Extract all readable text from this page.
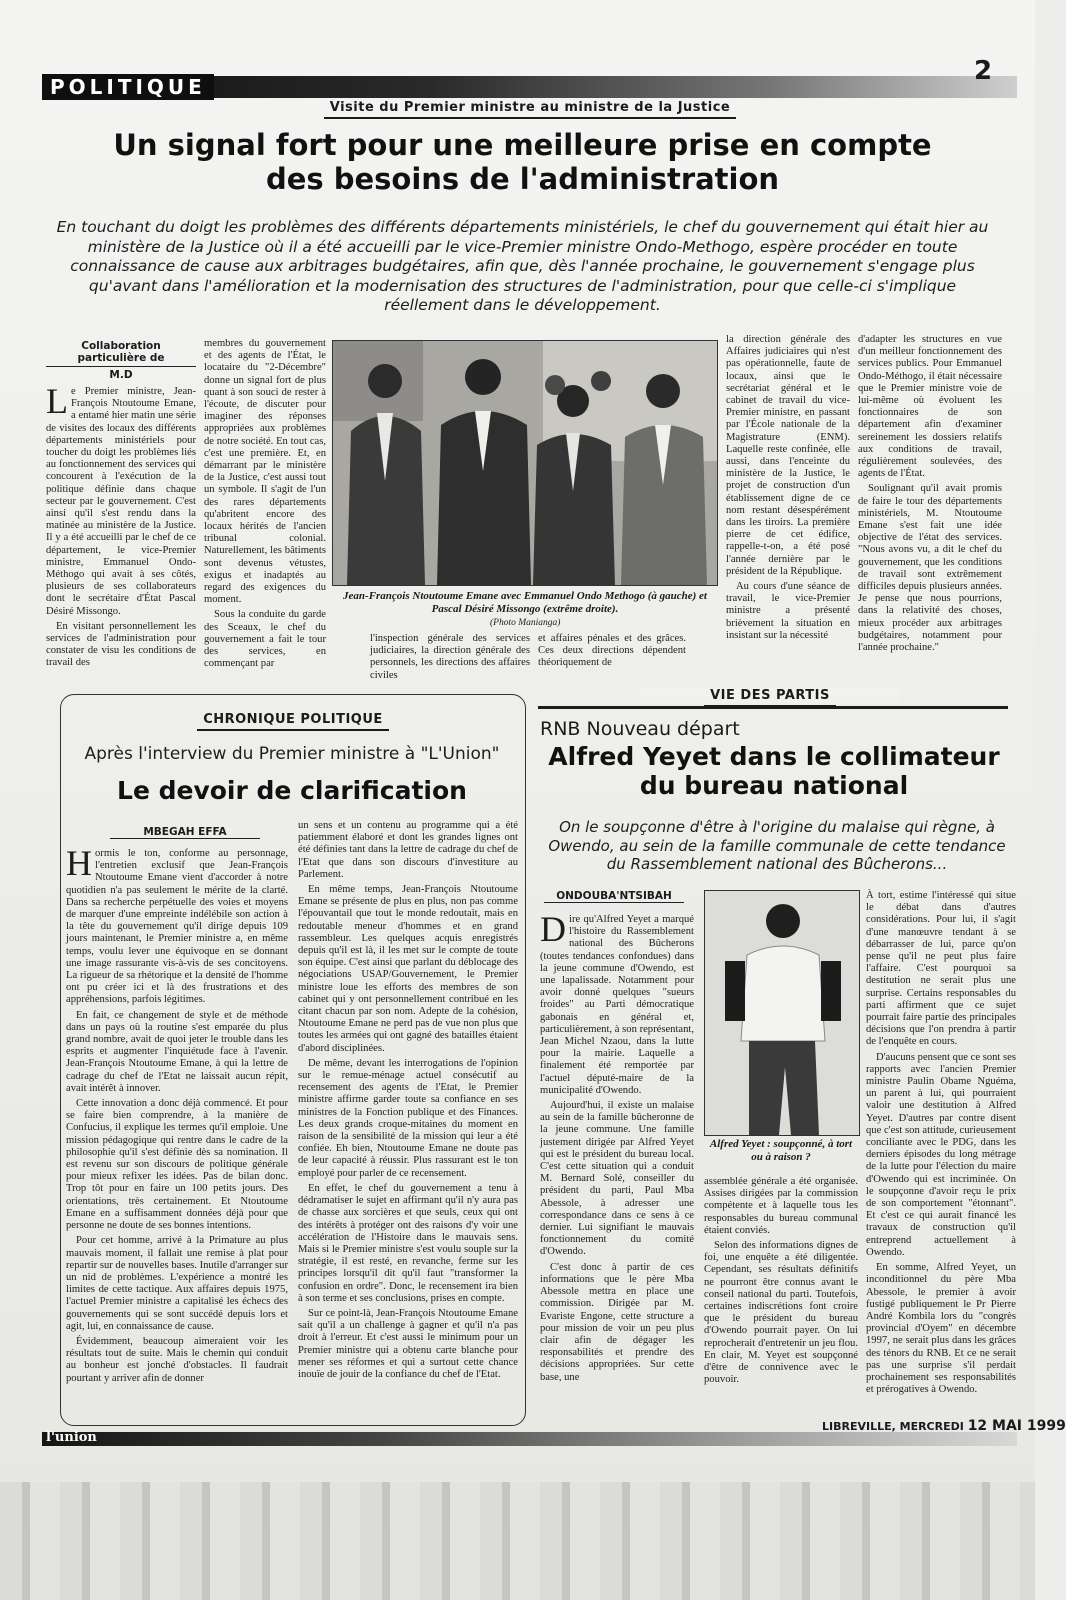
POLITIQUE
2
Visite du Premier ministre au ministre de la Justice
Un signal fort pour une meilleure prise en compte
des besoins de l'administration
En touchant du doigt les problèmes des différents départements ministériels, le chef du gouvernement qui était hier au ministère de la Justice où il a été accueilli par le vice-Premier ministre Ondo-Methogo, espère procéder en toute connaissance de cause aux arbitrages budgétaires, afin que, dès l'année prochaine, le gouvernement s'engage plus qu'avant dans l'amélioration et la modernisation des structures de l'administration, pour que celle-ci s'implique réellement dans le développement.
Collaboration particulière de
M.D

Le Premier ministre, Jean-François Ntoutoume Emane, a entamé hier matin une série de visites des locaux des différents départements ministériels pour toucher du doigt les problèmes liés au fonctionnement des services qui concourent à l'exécution de la politique définie dans chaque secteur par le gouvernement. C'est ainsi qu'il s'est rendu dans la matinée au ministère de la Justice. Il y a été accueilli par le chef de ce département, le vice-Premier ministre, Emmanuel Ondo-Méthogo qui avait à ses côtés, plusieurs de ses collaborateurs dont le secrétaire d'État Pascal Désiré Missongo.

En visitant personnellement les services de l'administration pour constater de visu les conditions de travail des

membres du gouvernement et des agents de l'État, le locataire du "2-Décembre" donne un signal fort de plus quant à son souci de rester à l'écoute, de discuter pour imaginer des réponses appropriées aux problèmes de notre société. En tout cas, c'est une première. Et, en démarrant par le ministère de la Justice, c'est aussi tout un symbole. Il s'agit de l'un des rares départements qu'abritent encore des locaux hérités de l'ancien tribunal colonial. Naturellement, les bâtiments sont devenus vétustes, exigus et inadaptés au regard des exigences du moment.

Sous la conduite du garde des Sceaux, le chef du gouvernement a fait le tour des services, en commençant par

Jean-François Ntoutoume Emane avec Emmanuel Ondo Methogo (à gauche) et Pascal Désiré Missongo (extrême droite).
(Photo Manianga)

l'inspection générale des services judiciaires, la direction générale des personnels, les directions des affaires civiles

et affaires pénales et des grâces. Ces deux directions dépendent théoriquement de

la direction générale des Affaires judiciaires qui n'est pas opérationnelle, faute de locaux, ainsi que le secrétariat général et le cabinet de travail du vice-Premier ministre, en passant par l'École nationale de la Magistrature (ENM). Laquelle reste confinée, elle aussi, dans l'enceinte du ministère de la Justice, le projet de construction d'un établissement digne de ce nom restant désespérément dans les tiroirs. La première pierre de cet édifice, rappelle-t-on, a été posé l'année dernière par le président de la République.

Au cours d'une séance de travail, le vice-Premier ministre a présenté brièvement la situation en insistant sur la nécessité

d'adapter les structures en vue d'un meilleur fonctionnement des services publics. Pour Emmanuel Ondo-Méthogo, il était nécessaire que le Premier ministre voie de lui-même où évoluent les fonctionnaires de son département afin d'examiner sereinement les dossiers relatifs aux conditions de travail, régulièrement soulevées, des agents de l'État.

Soulignant qu'il avait promis de faire le tour des départements ministériels, M. Ntoutoume Emane s'est fait une idée objective de l'état des services. "Nous avons vu, a dit le chef du gouvernement, que les conditions de travail sont extrêmement difficiles depuis plusieurs années. Je pense que nous pourrions, dans la relativité des choses, mieux procéder aux arbitrages budgétaires, notamment pour l'année prochaine."

CHRONIQUE POLITIQUE
Après l'interview du Premier ministre à "L'Union"
Le devoir de clarification
MBEGAH EFFA

Hormis le ton, conforme au personnage, l'entretien exclusif que Jean-François Ntoutoume Emane vient d'accorder à notre quotidien n'a pas seulement le mérite de la clarté. Dans sa recherche perpétuelle des voies et moyens de marquer d'une empreinte indélébile son action à la tête du gouvernement qu'il dirige depuis 109 jours maintenant, le Premier ministre a, en même temps, voulu lever une équivoque en se donnant une image rassurante vis-à-vis de ses concitoyens. La rigueur de sa rhétorique et la densité de l'homme ont pu créer ici et là des frustrations et des appréhensions, parfois légitimes.

En fait, ce changement de style et de méthode dans un pays où la routine s'est emparée du plus grand nombre, avait de quoi jeter le trouble dans les esprits et augmenter l'inquiétude face à l'avenir. Jean-François Ntoutoume Emane, à qui la lettre de cadrage du chef de l'Etat ne laissait aucun répit, avait intérêt à innover.

Cette innovation a donc déjà commencé. Et pour se faire bien comprendre, à la manière de Confucius, il explique les termes qu'il emploie. Une mission pédagogique qui rentre dans le cadre de la philosophie qu'il s'est définie dès sa nomination. Il est revenu sur son discours de politique générale pour mieux refixer les idées. Pas de bilan donc. Trop tôt pour en faire un 100 petits jours. Des orientations, très certainement. Et Ntoutoume Emane en a suffisamment données déjà pour que personne ne doute de ses bonnes intentions.

Pour cet homme, arrivé à la Primature au plus mauvais moment, il fallait une remise à plat pour repartir sur de nouvelles bases. Inutile d'arranger sur un nid de problèmes. L'expérience a montré les limites de cette tactique. Aux affaires depuis 1975, l'actuel Premier ministre a capitalisé les échecs des gouvernements qui se sont succédé depuis lors et agit, lui, en connaissance de cause.

Évidemment, beaucoup aimeraient voir les résultats tout de suite. Mais le chemin qui conduit au bonheur est jonché d'obstacles. Il faudrait pourtant y arriver afin de donner

un sens et un contenu au programme qui a été patiemment élaboré et dont les grandes lignes ont été définies tant dans la lettre de cadrage du chef de l'Etat que dans son discours d'investiture au Parlement.

En même temps, Jean-François Ntoutoume Emane se présente de plus en plus, non pas comme l'épouvantail que tout le monde redoutait, mais en redoutable meneur d'hommes et en grand rassembleur. Les quelques acquis enregistrés depuis qu'il est là, il les met sur le compte de toute son équipe. C'est ainsi que parlant du déblocage des négociations USAP/Gouvernement, le Premier ministre loue les efforts des membres de son cabinet qui y ont personnellement contribué en les citant chacun par son nom. Adepte de la cohésion, Ntoutoume Emane ne perd pas de vue non plus que toutes les armées qui ont gagné des batailles étaient d'abord disciplinées.

De même, devant les interrogations de l'opinion sur le remue-ménage actuel consécutif au recensement des agents de l'Etat, le Premier ministre affirme garder toute sa confiance en ses ministres de la Fonction publique et des Finances. Les deux grands croque-mitaines du moment en raison de la sensibilité de la mission qui leur a été confiée. Eh bien, Ntoutoume Emane ne doute pas de leur capacité à réussir. Plus rassurant est le ton employé pour parler de ce recensement.

En effet, le chef du gouvernement a tenu à dédramatiser le sujet en affirmant qu'il n'y aura pas de chasse aux sorcières et que seuls, ceux qui ont des intérêts à protéger ont des raisons d'y voir une accélération de l'Histoire dans le mauvais sens. Mais si le Premier ministre s'est voulu souple sur la stratégie, il est resté, en revanche, ferme sur les principes lorsqu'il dit qu'il faut "transformer la confusion en ordre". Donc, le recensement ira bien à son terme et ses conclusions, prises en compte.

Sur ce point-là, Jean-François Ntoutoume Emane sait qu'il a un challenge à gagner et qu'il n'a pas droit à l'erreur. Et c'est aussi le minimum pour un Premier ministre qui a obtenu carte blanche pour mener ses réformes et qui a surtout cette chance inouïe de jouir de la confiance du chef de l'Etat.

VIE DES PARTIS
RNB Nouveau départ
Alfred Yeyet dans le collimateur
du bureau national
On le soupçonne d'être à l'origine du malaise qui règne, à Owendo, au sein de la famille communale de cette tendance du Rassemblement national des Bûcherons...
ONDOUBA'NTSIBAH

Dire qu'Alfred Yeyet a marqué l'histoire du Rassemblement national des Bûcherons (toutes tendances confondues) dans la jeune commune d'Owendo, est une lapalissade. Notamment pour avoir donné quelques "sueurs froides" au Parti démocratique gabonais en général et, particulièrement, à son représentant, Jean Michel Nzaou, dans la lutte pour la mairie. Laquelle a finalement été remportée par l'actuel député-maire de la municipalité d'Owendo.

Aujourd'hui, il existe un malaise au sein de la famille bûcheronne de la jeune commune. Une famille justement dirigée par Alfred Yeyet qui est le président du bureau local. C'est cette situation qui a conduit M. Bernard Solé, conseiller du président du parti, Paul Mba Abessole, à adresser une correspondance dans ce sens à ce dernier. Lui signifiant le mauvais fonctionnement du comité d'Owendo.

C'est donc à partir de ces informations que le père Mba Abessole mettra en place une commission. Dirigée par M. Evariste Engone, cette structure a pour mission de voir un peu plus clair afin de dégager les responsabilités et prendre des décisions appropriées. Sur cette base, une

Alfred Yeyet : soupçonné, à tort ou à raison ?

assemblée générale a été organisée. Assises dirigées par la commission compétente et à laquelle tous les responsables du bureau communal étaient conviés.

Selon des informations dignes de foi, une enquête a été diligentée. Cependant, ses résultats définitifs ne pourront être connus avant le conseil national du parti. Toutefois, certaines indiscrétions font croire que le président du bureau d'Owendo pourrait payer. On lui reprocherait d'entretenir un jeu flou. En clair, M. Yeyet est soupçonné d'être de connivence avec le pouvoir.

À tort, estime l'intéressé qui situe le débat dans d'autres considérations. Pour lui, il s'agit d'une manœuvre tendant à se débarrasser de lui, parce qu'on pense qu'il ne peut plus faire l'affaire. C'est pourquoi sa destitution ne serait plus une surprise. Certains responsables du parti affirment que ce sujet pourrait faire partie des principales décisions que l'on prendra à partir de l'enquête en cours.

D'aucuns pensent que ce sont ses rapports avec l'ancien Premier ministre Paulin Obame Nguéma, un parent à lui, qui pourraient valoir une destitution à Alfred Yeyet. D'autres par contre disent que c'est son attitude, curieusement conciliante avec le PDG, dans les derniers épisodes du long métrage de la lutte pour l'élection du maire d'Owendo qui est incriminée. On le soupçonne d'avoir reçu le prix de son comportement "étonnant". Et c'est ce qui aurait financé les travaux de construction qu'il entreprend actuellement à Owendo.

En somme, Alfred Yeyet, un inconditionnel du père Mba Abessole, le premier à avoir fustigé publiquement le Pr Pierre André Kombila lors du "congrès provincial d'Oyem" en décembre 1997, ne serait plus dans les grâces des ténors du RNB. Et ce ne serait pas une surprise s'il perdait prochainement ses responsabilités et prérogatives à Owendo.

l'union
LIBREVILLE, MERCREDI 12 MAI 1999
